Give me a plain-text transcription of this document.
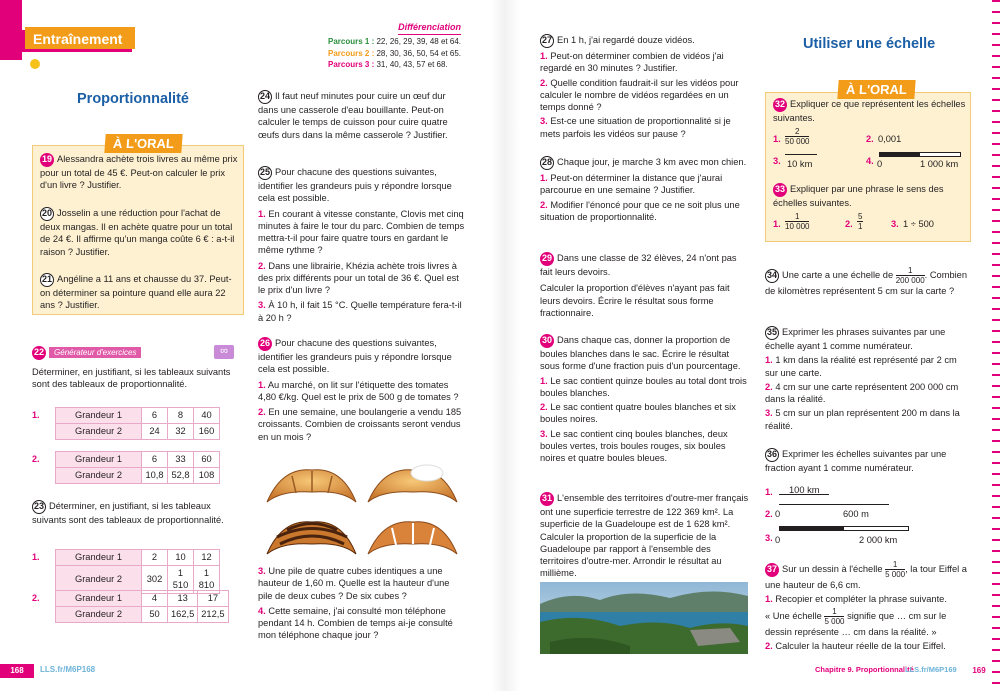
Entraînement
Différenciation
Parcours 1 : 22, 26, 29, 39, 48 et 64.
Parcours 2 : 28, 30, 36, 50, 54 et 65.
Parcours 3 : 31, 40, 43, 57 et 68.
Proportionnalité
À L'ORAL
19 Alessandra achète trois livres au même prix pour un total de 45 €. Peut-on calculer le prix d'un livre ? Justifier.
20 Josselin a une réduction pour l'achat de deux mangas. Il en achète quatre pour un total de 24 €. Il affirme qu'un manga coûte 6 € : a-t-il raison ? Justifier.
21 Angéline a 11 ans et chausse du 37. Peut-on déterminer sa pointure quand elle aura 22 ans ? Justifier.
22 Générateur d'exercices	∞
Déterminer, en justifiant, si les tableaux suivants sont des tableaux de proportionnalité.
1.	Grandeur 1	6	8	40
Grandeur 2	24	32	160
2.	Grandeur 1	6	33	60
Grandeur 2	10,8	52,8	108
23 Déterminer, en justifiant, si les tableaux suivants sont des tableaux de proportionnalité.
1.	Grandeur 1	2	10	12
Grandeur 2	302	1 510	1 810
2.	Grandeur 1	4	13	17
Grandeur 2	50	162,5	212,5
24 Il faut neuf minutes pour cuire un œuf dur dans une casserole d'eau bouillante. Peut-on calculer le temps de cuisson pour cuire quatre œufs durs dans la même casserole ? Justifier.
25 Pour chacune des questions suivantes, identifier les grandeurs puis y répondre lorsque cela est possible.
1. En courant à vitesse constante, Clovis met cinq minutes à faire le tour du parc. Combien de temps mettra-t-il pour faire quatre tours en gardant le même rythme ?
2. Dans une librairie, Khézia achète trois livres à des prix différents pour un total de 36 €. Quel est le prix d'un livre ?
3. À 10 h, il fait 15 °C. Quelle température fera-t-il à 20 h ?
26 Pour chacune des questions suivantes, identifier les grandeurs puis y répondre lorsque cela est possible.
1. Au marché, on lit sur l'étiquette des tomates 4,80 €/kg. Quel est le prix de 500 g de tomates ?
2. En une semaine, une boulangerie a vendu 185 croissants. Combien de croissants seront vendus en un mois ?
3. Une pile de quatre cubes identiques a une hauteur de 1,60 m. Quelle est la hauteur d'une pile de deux cubes ? De six cubes ?
4. Cette semaine, j'ai consulté mon téléphone pendant 14 h. Combien de temps ai-je consulté mon téléphone chaque jour ?
168	LLS.fr/M6P168
27 En 1 h, j'ai regardé douze vidéos.
1. Peut-on déterminer combien de vidéos j'ai regardé en 30 minutes ? Justifier.
2. Quelle condition faudrait-il sur les vidéos pour calculer le nombre de vidéos regardées en un temps donné ?
3. Est-ce une situation de proportionnalité si je mets parfois les vidéos sur pause ?
28 Chaque jour, je marche 3 km avec mon chien.
1. Peut-on déterminer la distance que j'aurai parcourue en une semaine ? Justifier.
2. Modifier l'énoncé pour que ce ne soit plus une situation de proportionnalité.
29 Dans une classe de 32 élèves, 24 n'ont pas fait leurs devoirs.
Calculer la proportion d'élèves n'ayant pas fait leurs devoirs. Écrire le résultat sous forme fractionnaire.
30 Dans chaque cas, donner la proportion de boules blanches dans le sac. Écrire le résultat sous forme d'une fraction puis d'un pourcentage.
1. Le sac contient quinze boules au total dont trois boules blanches.
2. Le sac contient quatre boules blanches et six boules noires.
3. Le sac contient cinq boules blanches, deux boules vertes, trois boules rouges, six boules noires et quatre boules bleues.
31 L'ensemble des territoires d'outre-mer français ont une superficie terrestre de 122 369 km². La superficie de la Guadeloupe est de 1 628 km². Calculer la proportion de la superficie de la Guadeloupe par rapport à l'ensemble des territoires d'outre-mer. Arrondir le résultat au millième.
Utiliser une échelle
À L'ORAL
32 Expliquer ce que représentent les échelles suivantes.
1. $\frac{2}{50 000}$	2. 0,001
3. 10 km	4. 0	1 000 km
33 Expliquer par une phrase le sens des échelles suivantes.
1. $\frac{1}{10 000}$	2. $\frac{5}{1}$	3. 1 ÷ 500
34 Une carte a une échelle de $\frac{1}{200 000}$ . Combien de kilomètres représentent 5 cm sur la carte ?
35 Exprimer les phrases suivantes par une échelle ayant 1 comme numérateur.
1. 1 km dans la réalité est représenté par 2 cm sur une carte.
2. 4 cm sur une carte représentent 200 000 cm dans la réalité.
3. 5 cm sur un plan représentent 200 m dans la réalité.
36 Exprimer les échelles suivantes par une fraction ayant 1 comme numérateur.
1. 100 km
2. 0	600 m
3. 0	2 000 km
37 Sur un dessin à l'échelle $\frac{1}{5 000}$ , la tour Eiffel a une hauteur de 6,6 cm.
1. Recopier et compléter la phrase suivante.
« Une échelle $\frac{1}{5 000}$ signifie que … cm sur le dessin représente … cm dans la réalité. »
2. Calculer la hauteur réelle de la tour Eiffel.
Chapitre 9. Proportionnalité
LLS.fr/M6P169	169
